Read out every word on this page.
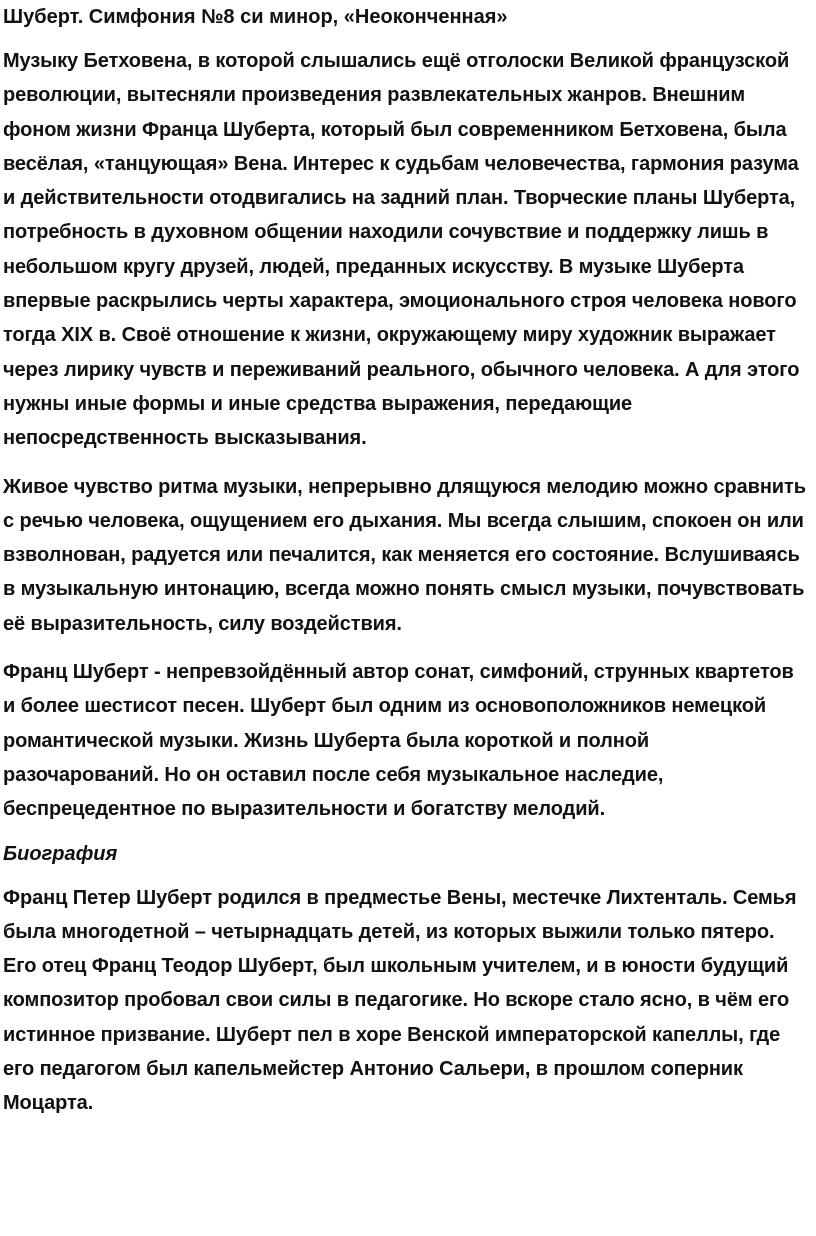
Шуберт. Симфония №8 си минор, «Неоконченная»
Музыку Бетховена, в которой слышались ещё отголоски Великой французской революции, вытесняли произведения развлекательных жанров. Внешним фоном жизни Франца Шуберта, который был современником Бетховена, была весёлая, «танцующая» Вена. Интерес к судьбам человечества, гармония разума и действительности отодвигались на задний план. Творческие планы Шуберта, потребность в духовном общении находили сочувствие и поддержку лишь в небольшом кругу друзей, людей, преданных искусству. В музыке Шуберта впервые раскрылись черты характера, эмоционального строя человека нового тогда XIX в. Своё отношение к жизни, окружающему миру художник выражает через лирику чувств и переживаний реального, обычного человека. А для этого нужны иные формы и иные средства выражения, передающие непосредственность высказывания.
Живое чувство ритма музыки, непрерывно длящуюся мелодию можно сравнить с речью человека, ощущением его дыхания. Мы всегда слышим, спокоен он или взволнован, радуется или печалится, как меняется его состояние. Вслушиваясь в музыкальную интонацию, всегда можно понять смысл музыки, почувствовать её выразительность, силу воздействия.
Франц Шуберт - непревзойдённый автор сонат, симфоний, струнных квартетов и более шестисот песен. Шуберт был одним из основоположников немецкой романтической музыки. Жизнь Шуберта была короткой и полной разочарований. Но он оставил после себя музыкальное наследие, беспрецедентное по выразительности и богатству мелодий.
Биография
Франц Петер Шуберт родился в предместье Вены, местечке Лихтенталь. Семья была многодетной – четырнадцать детей, из которых выжили только пятеро. Его отец Франц Теодор Шуберт, был школьным учителем, и в юности будущий композитор пробовал свои силы в педагогике. Но вскоре стало ясно, в чём его истинное призвание. Шуберт пел в хоре Венской императорской капеллы, где его педагогом был капельмейстер Антонио Сальери, в прошлом соперник Моцарта.
